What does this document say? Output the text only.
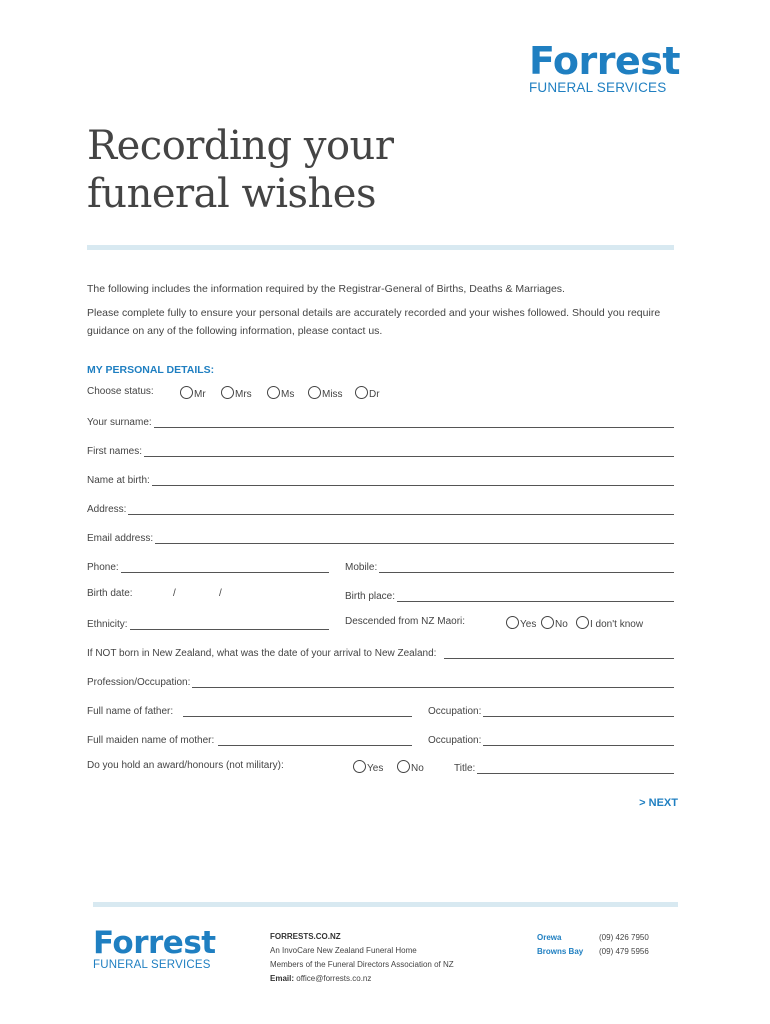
Forrest
FUNERAL SERVICES
Recording your
funeral wishes
The following includes the information required by the Registrar-General of Births, Deaths & Marriages.
Please complete fully to ensure your personal details are accurately recorded and your wishes followed. Should you require guidance on any of the following information, please contact us.
MY PERSONAL DETAILS:
Choose status:	Mr	Mrs	Ms	Miss	Dr
Your surname:
First names:
Name at birth:
Address:
Email address:
Phone:	Mobile:
Birth date:	/	/	Birth place:
Ethnicity:	Descended from NZ Maori:	Yes	No	I don't know
If NOT born in New Zealand, what was the date of your arrival to New Zealand:
Profession/Occupation:
Full name of father:	Occupation:
Full maiden name of mother:	Occupation:
Do you hold an award/honours (not military):	Yes	No	Title:
> NEXT
Forrest
FUNERAL SERVICES
FORRESTS.CO.NZ
An InvoCare New Zealand Funeral Home
Members of the Funeral Directors Association of NZ
Email: office@forrests.co.nz
Orewa	(09) 426 7950
Browns Bay (09) 479 5956
